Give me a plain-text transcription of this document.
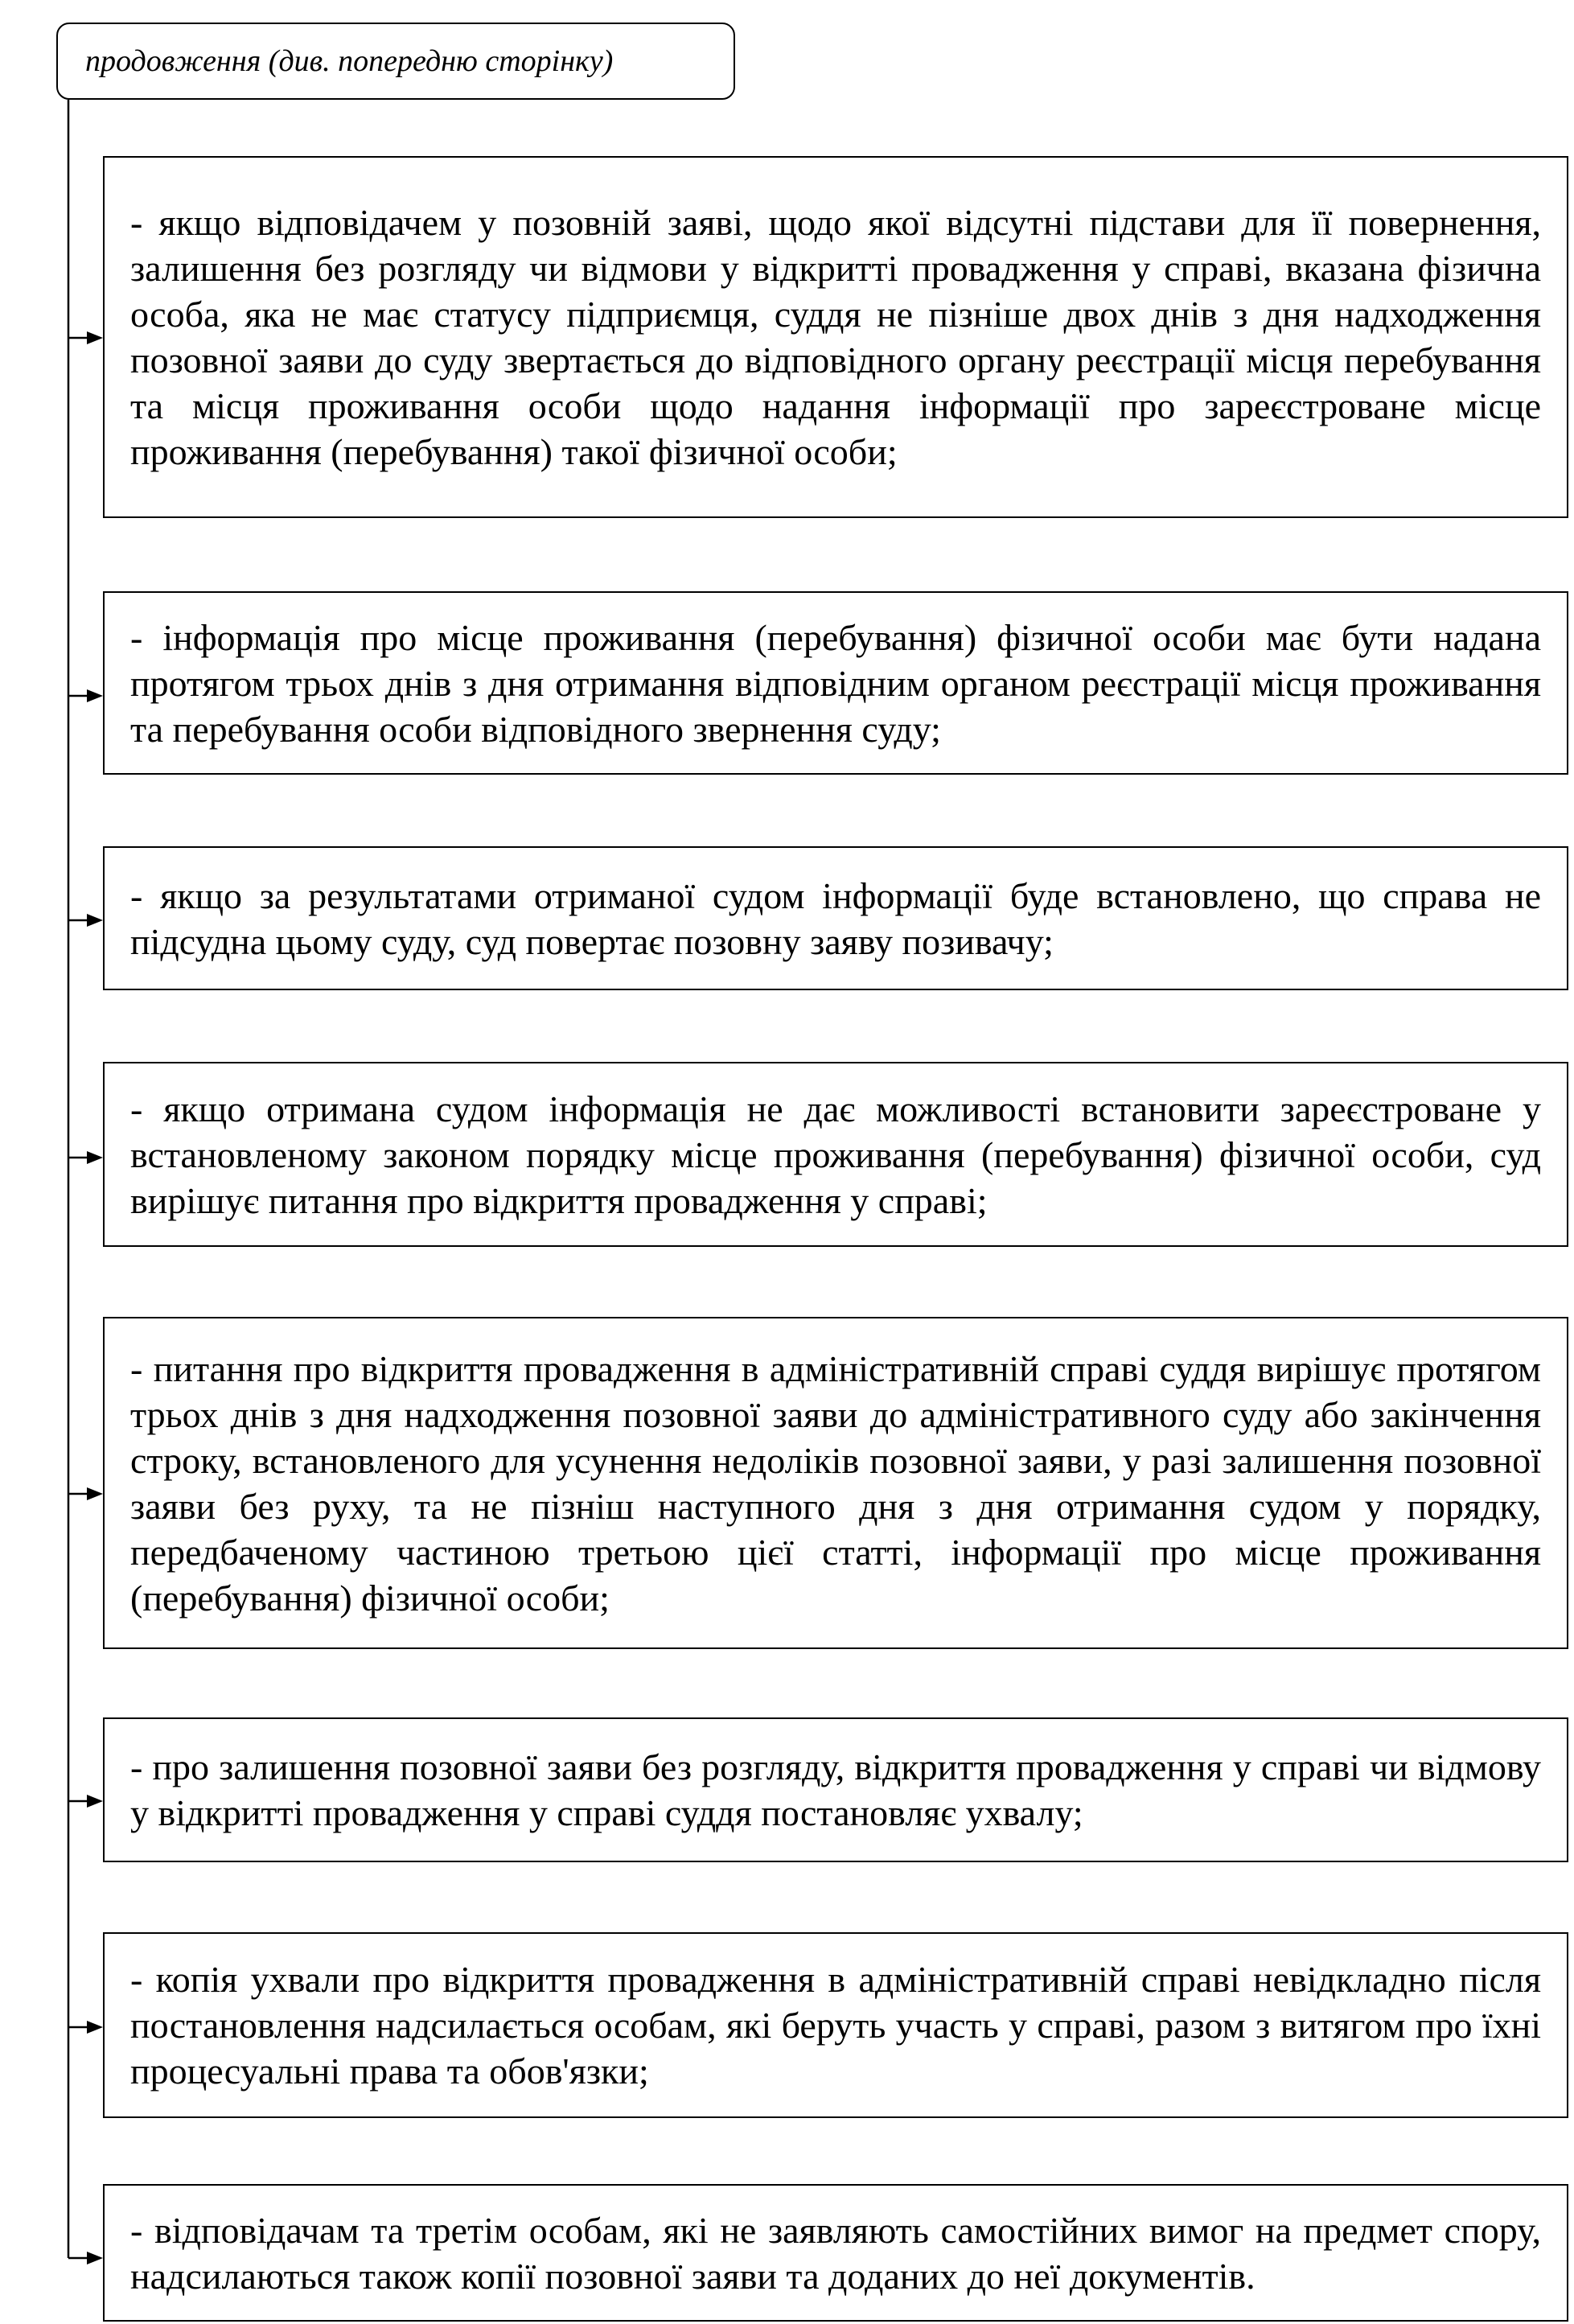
продовження (див. попередню сторінку)
- якщо відповідачем у позовній заяві, щодо якої відсутні підстави для її повернення, залишення без розгляду чи відмови у відкритті провадження у справі, вказана фізична особа, яка не має статусу підприємця, суддя не пізніше двох днів з дня надходження позовної заяви до суду звертається до відповідного органу реєстрації місця перебування та місця проживання особи щодо надання інформації про зареєстроване місце проживання (перебування) такої фізичної особи;
- інформація про місце проживання (перебування) фізичної особи має бути надана протягом трьох днів з дня отримання відповідним органом реєстрації місця проживання та перебування особи відповідного звернення суду;
- якщо за результатами отриманої судом інформації буде встановлено, що справа не підсудна цьому суду, суд повертає позовну заяву позивачу;
- якщо отримана судом інформація не дає можливості встановити зареєстроване у встановленому законом порядку місце проживання (перебування) фізичної особи, суд вирішує питання про відкриття провадження у справі;
- питання про відкриття провадження в адміністративній справі суддя вирішує протягом трьох днів з дня надходження позовної заяви до адміністративного суду або закінчення строку, встановленого для усунення недоліків позовної заяви, у разі залишення позовної заяви без руху, та не пізніш наступного дня з дня отримання судом у порядку, передбаченому частиною третьою цієї статті, інформації про місце проживання (перебування) фізичної особи;
- про залишення позовної заяви без розгляду, відкриття провадження у справі чи відмову у відкритті провадження у справі суддя постановляє ухвалу;
- копія ухвали про відкриття провадження в адміністративній справі невідкладно після постановлення надсилається особам, які беруть участь у справі, разом з витягом про їхні процесуальні права та обов'язки;
- відповідачам та третім особам, які не заявляють самостійних вимог на предмет спору, надсилаються також копії позовної заяви та доданих до неї документів.
